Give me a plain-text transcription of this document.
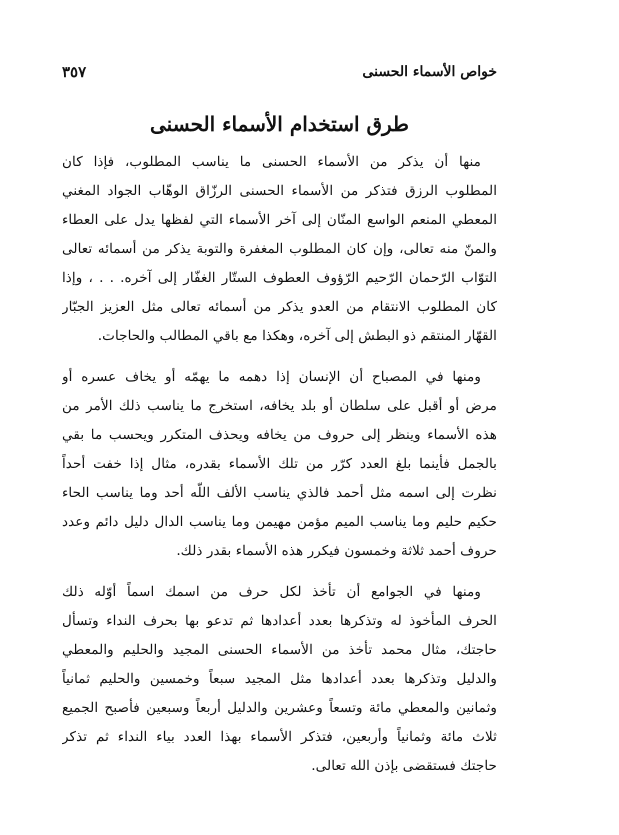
خواص الأسماء الحسنى
٣٥٧
طرق استخدام الأسماء الحسنى
منها أن يذكر من الأسماء الحسنى ما يناسب المطلوب، فإذا كان
المطلوب الرزق فتذكر من الأسماء الحسنى الرزّاق الوهّاب الجواد المغني
المعطي المنعم الواسع المنّان إلى آخر الأسماء التي لفظها يدل على العطاء
والمنّ منه تعالى، وإن كان المطلوب المغفرة والتوبة يذكر من أسمائه تعالى
التوّاب الرّحمان الرّحيم الرّؤوف العطوف الستّار الغفّار إلى آخره. . . ، وإذا
كان المطلوب الانتقام من العدو يذكر من أسمائه تعالى مثل العزيز الجبّار
القهّار المنتقم ذو البطش إلى آخره، وهكذا مع باقي المطالب والحاجات.
ومنها في المصباح أن الإنسان إذا دهمه ما يهمّه أو يخاف عسره أو
مرض أو أقبل على سلطان أو بلد يخافه، استخرج ما يناسب ذلك الأمر من
هذه الأسماء وينظر إلى حروف من يخافه ويحذف المتكرر ويحسب ما بقي
بالجمل فأينما بلغ العدد كرّر من تلك الأسماء بقدره، مثال إذا خفت أحداً
نظرت إلى اسمه مثل أحمد فالذي يناسب الألف اللّه أحد وما يناسب الحاء
حكيم حليم وما يناسب الميم مؤمن مهيمن وما يناسب الدال دليل دائم وعدد
حروف أحمد ثلاثة وخمسون فيكرر هذه الأسماء بقدر ذلك.
ومنها في الجوامع أن تأخذ لكل حرف من اسمك اسماً أوّله ذلك
الحرف المأخوذ له وتذكرها بعدد أعدادها ثم تدعو بها بحرف النداء وتسأل
حاجتك، مثال محمد تأخذ من الأسماء الحسنى المجيد والحليم والمعطي
والدليل وتذكرها بعدد أعدادها مثل المجيد سبعاً وخمسين والحليم ثمانياً
وثمانين والمعطي مائة وتسعاً وعشرين والدليل أربعاً وسبعين فأصبح الجميع
ثلاث مائة وثمانياً وأربعين، فتذكر الأسماء بهذا العدد بياء النداء ثم تذكر
حاجتك فستقضى بإذن الله تعالى.
